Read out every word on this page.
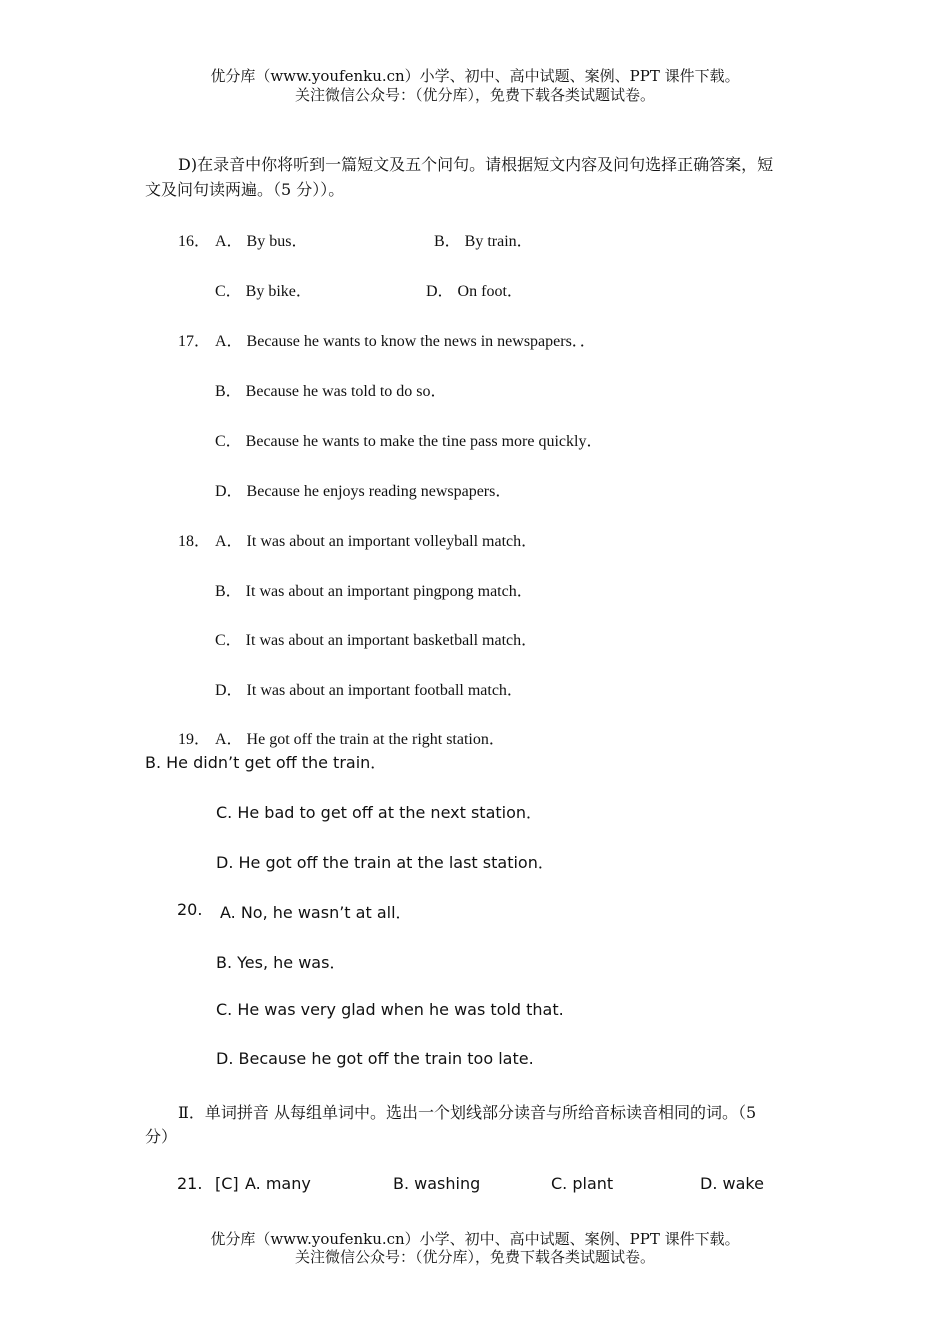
优分库（www.youfenku.cn）小学、初中、高中试题、案例、PPT 课件下载。
关注微信公众号：（优分库），免费下载各类试题试卷。
D)在录音中你将听到一篇短文及五个问句。请根据短文内容及问句选择正确答案，短
文及问句读两遍。（5 分））。
16． A． By bus．	B． By train．
C． By bike．	D． On foot．
17． A． Because he wants to know the news in newspapers．．
B． Because he was told to do so．
C． Because he wants to make the tine pass more quickly．
D． Because he enjoys reading newspapers．
18． A． It was about an important volleyball match．
B． It was about an important pingpong match．
C． It was about an important basketball match．
D． It was about an important football match．
19． A． He got off the train at the right station．
B. He didn’t get off the train．
C. He bad to get off at the next station．
D. He got off the train at the last station．
20. A. No, he wasn’t at all．
B. Yes, he was．
C. He was very glad when he was told that.
D. Because he got off the train too late.
Ⅱ．单词拼音 从每组单词中。选出一个划线部分读音与所给音标读音相同的词。（5
分）
21. [C] A. many	B. washing	C. plant	D. wake
优分库（www.youfenku.cn）小学、初中、高中试题、案例、PPT 课件下载。
关注微信公众号：（优分库），免费下载各类试题试卷。
